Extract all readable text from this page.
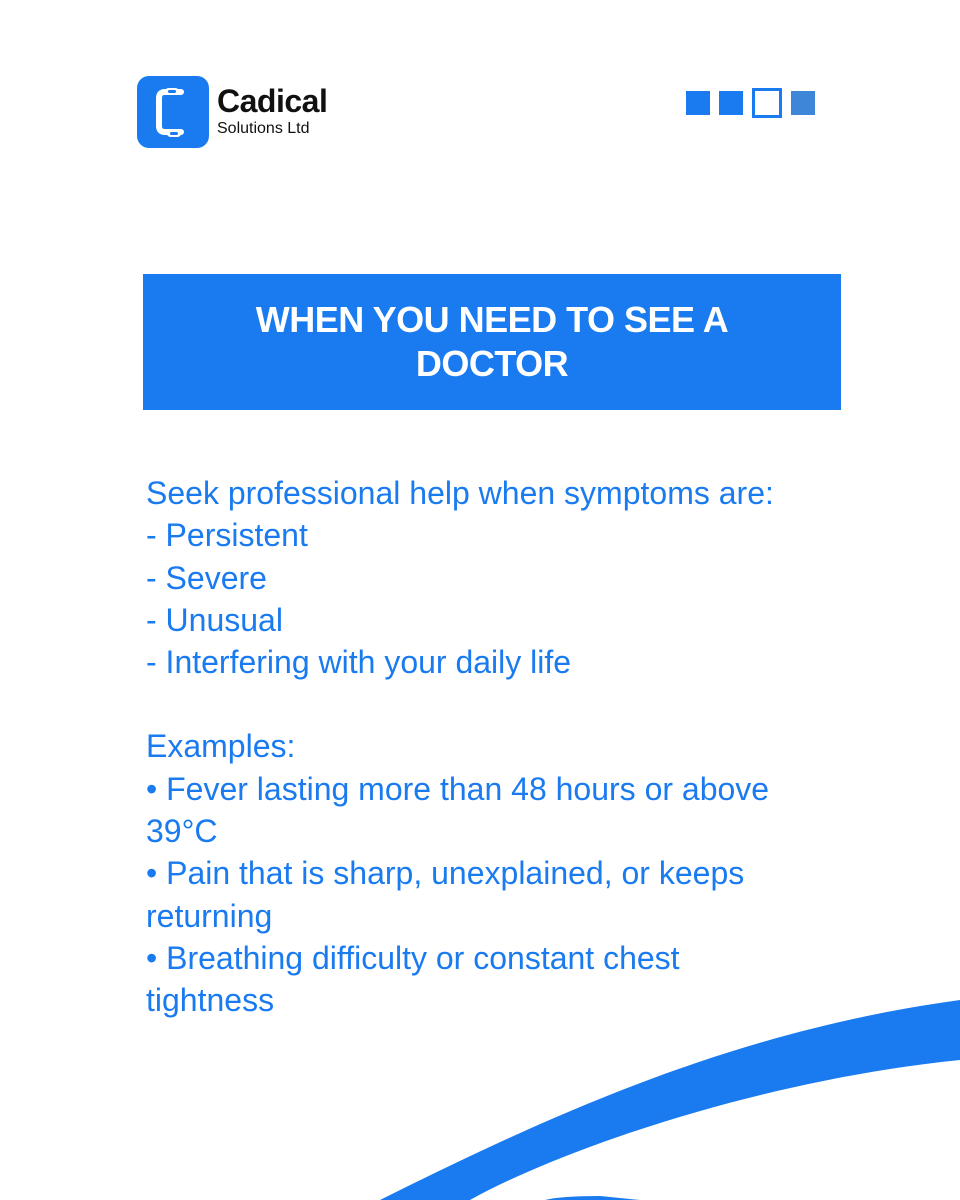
Cadical
Solutions Ltd
WHEN YOU NEED TO SEE A DOCTOR
Seek professional help when symptoms are:
- Persistent
- Severe
- Unusual
- Interfering with your daily life
Examples:
• Fever lasting more than 48 hours or above 39°C
• Pain that is sharp, unexplained, or keeps returning
• Breathing difficulty or constant chest tightness
